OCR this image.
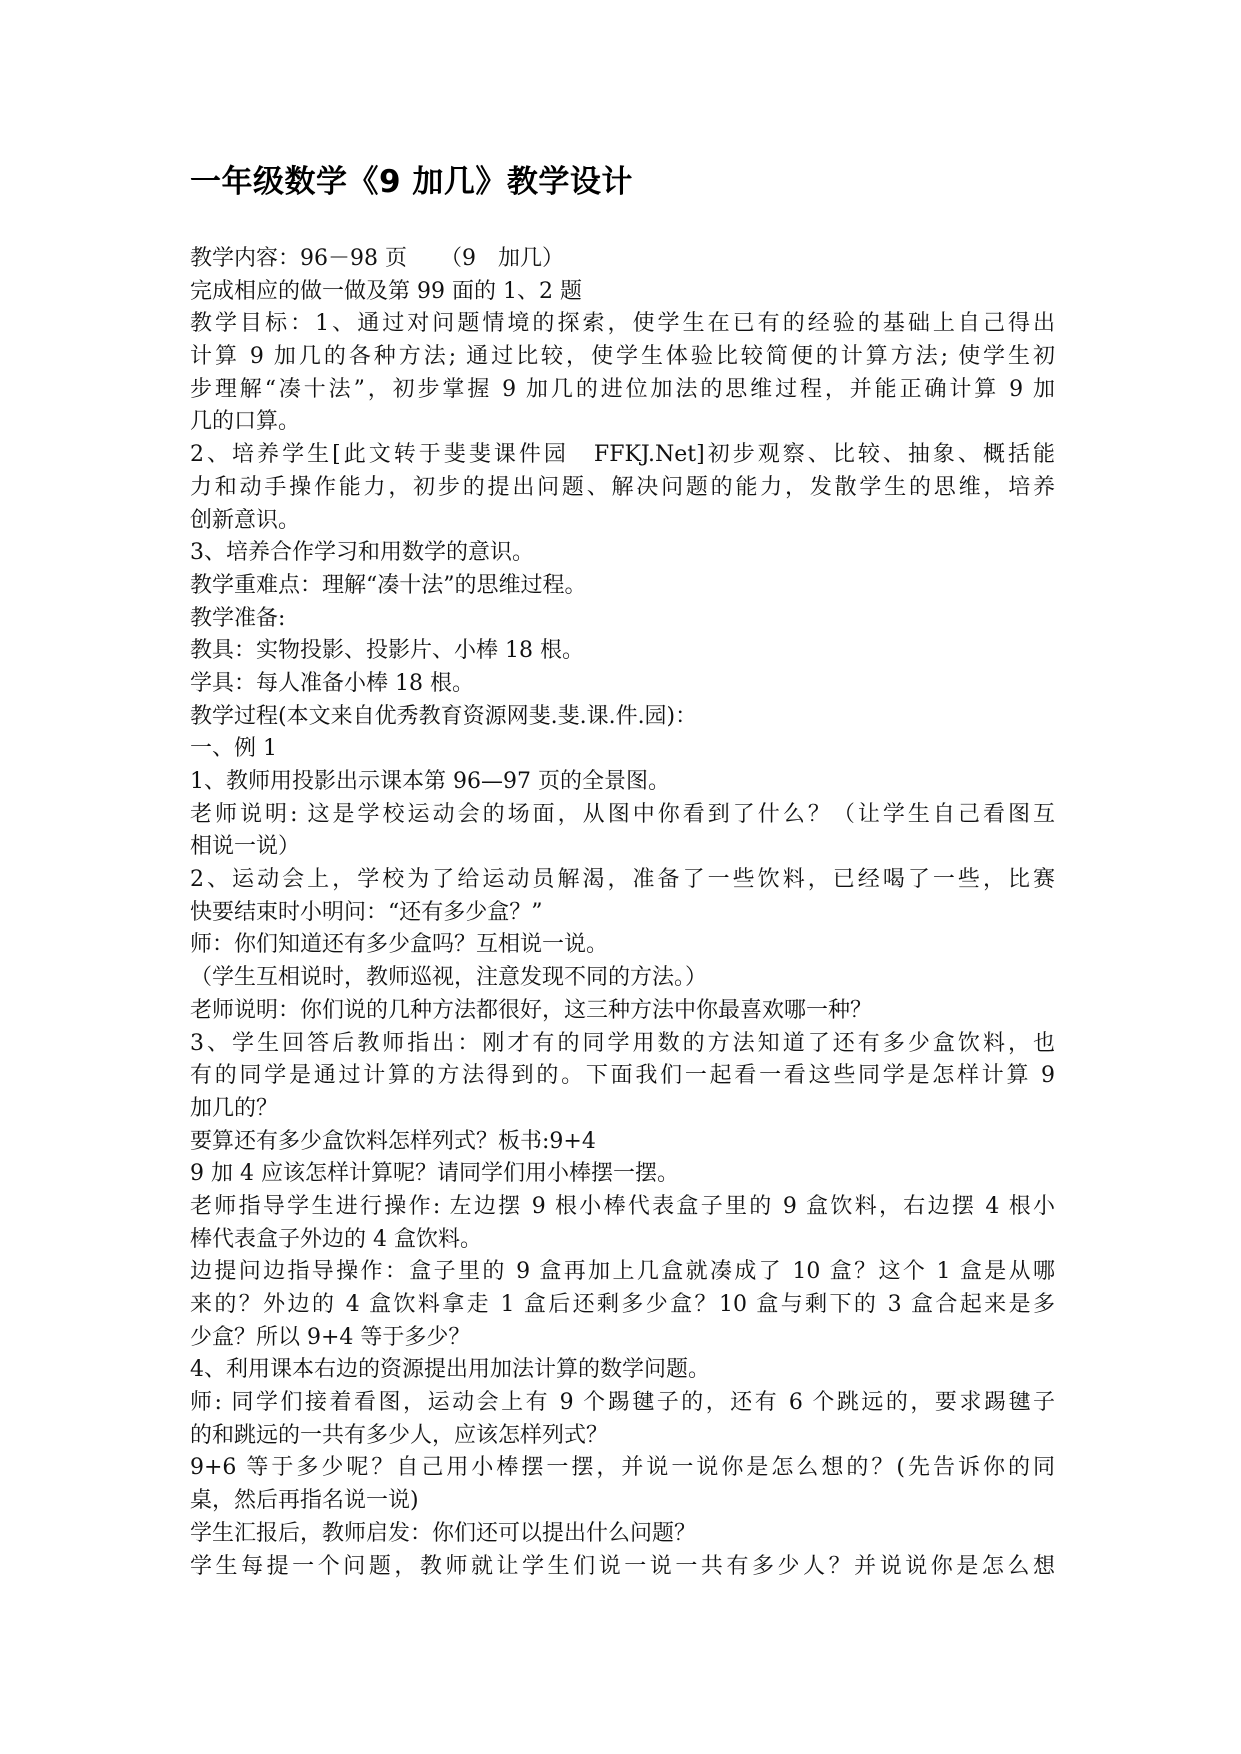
一年级数学《9 加几》教学设计
教学内容：96－98 页　　（9　加几）
完成相应的做一做及第 99 面的 1、2 题
教学目标：1、通过对问题情境的探索，使学生在已有的经验的基础上自己得出
计算 9 加几的各种方法; 通过比较，使学生体验比较简便的计算方法; 使学生初
步理解“凑十法”，初步掌握 9 加几的进位加法的思维过程，并能正确计算 9 加
几的口算。
2、培养学生[此文转于斐斐课件园　FFKJ.Net]初步观察、比较、抽象、概括能
力和动手操作能力，初步的提出问题、解决问题的能力，发散学生的思维，培养
创新意识。
3、培养合作学习和用数学的意识。
教学重难点：理解“凑十法”的思维过程。
教学准备:
教具：实物投影、投影片、小棒 18 根。
学具：每人准备小棒 18 根。
教学过程(本文来自优秀教育资源网斐.斐.课.件.园)：
一、例 1
1、教师用投影出示课本第 96—97 页的全景图。
老师说明: 这是学校运动会的场面，从图中你看到了什么？（让学生自己看图互
相说一说）
2、运动会上，学校为了给运动员解渴，准备了一些饮料，已经喝了一些，比赛
快要结束时小明问：“还有多少盒？”
师：你们知道还有多少盒吗？互相说一说。
（学生互相说时，教师巡视，注意发现不同的方法。）
老师说明：你们说的几种方法都很好，这三种方法中你最喜欢哪一种？
3、学生回答后教师指出：刚才有的同学用数的方法知道了还有多少盒饮料，也
有的同学是通过计算的方法得到的。下面我们一起看一看这些同学是怎样计算 9
加几的？
要算还有多少盒饮料怎样列式？板书:9+4
9 加 4 应该怎样计算呢？请同学们用小棒摆一摆。
老师指导学生进行操作: 左边摆 9 根小棒代表盒子里的 9 盒饮料，右边摆 4 根小
棒代表盒子外边的 4 盒饮料。
边提问边指导操作：盒子里的 9 盒再加上几盒就凑成了 10 盒？这个 1 盒是从哪
来的？外边的 4 盒饮料拿走 1 盒后还剩多少盒？10 盒与剩下的 3 盒合起来是多
少盒？所以 9+4 等于多少？
4、利用课本右边的资源提出用加法计算的数学问题。
师: 同学们接着看图，运动会上有 9 个踢毽子的，还有 6 个跳远的，要求踢毽子
的和跳远的一共有多少人，应该怎样列式？
9+6 等于多少呢？自己用小棒摆一摆，并说一说你是怎么想的？(先告诉你的同
桌，然后再指名说一说)
学生汇报后，教师启发：你们还可以提出什么问题？
学生每提一个问题，教师就让学生们说一说一共有多少人？并说说你是怎么想
